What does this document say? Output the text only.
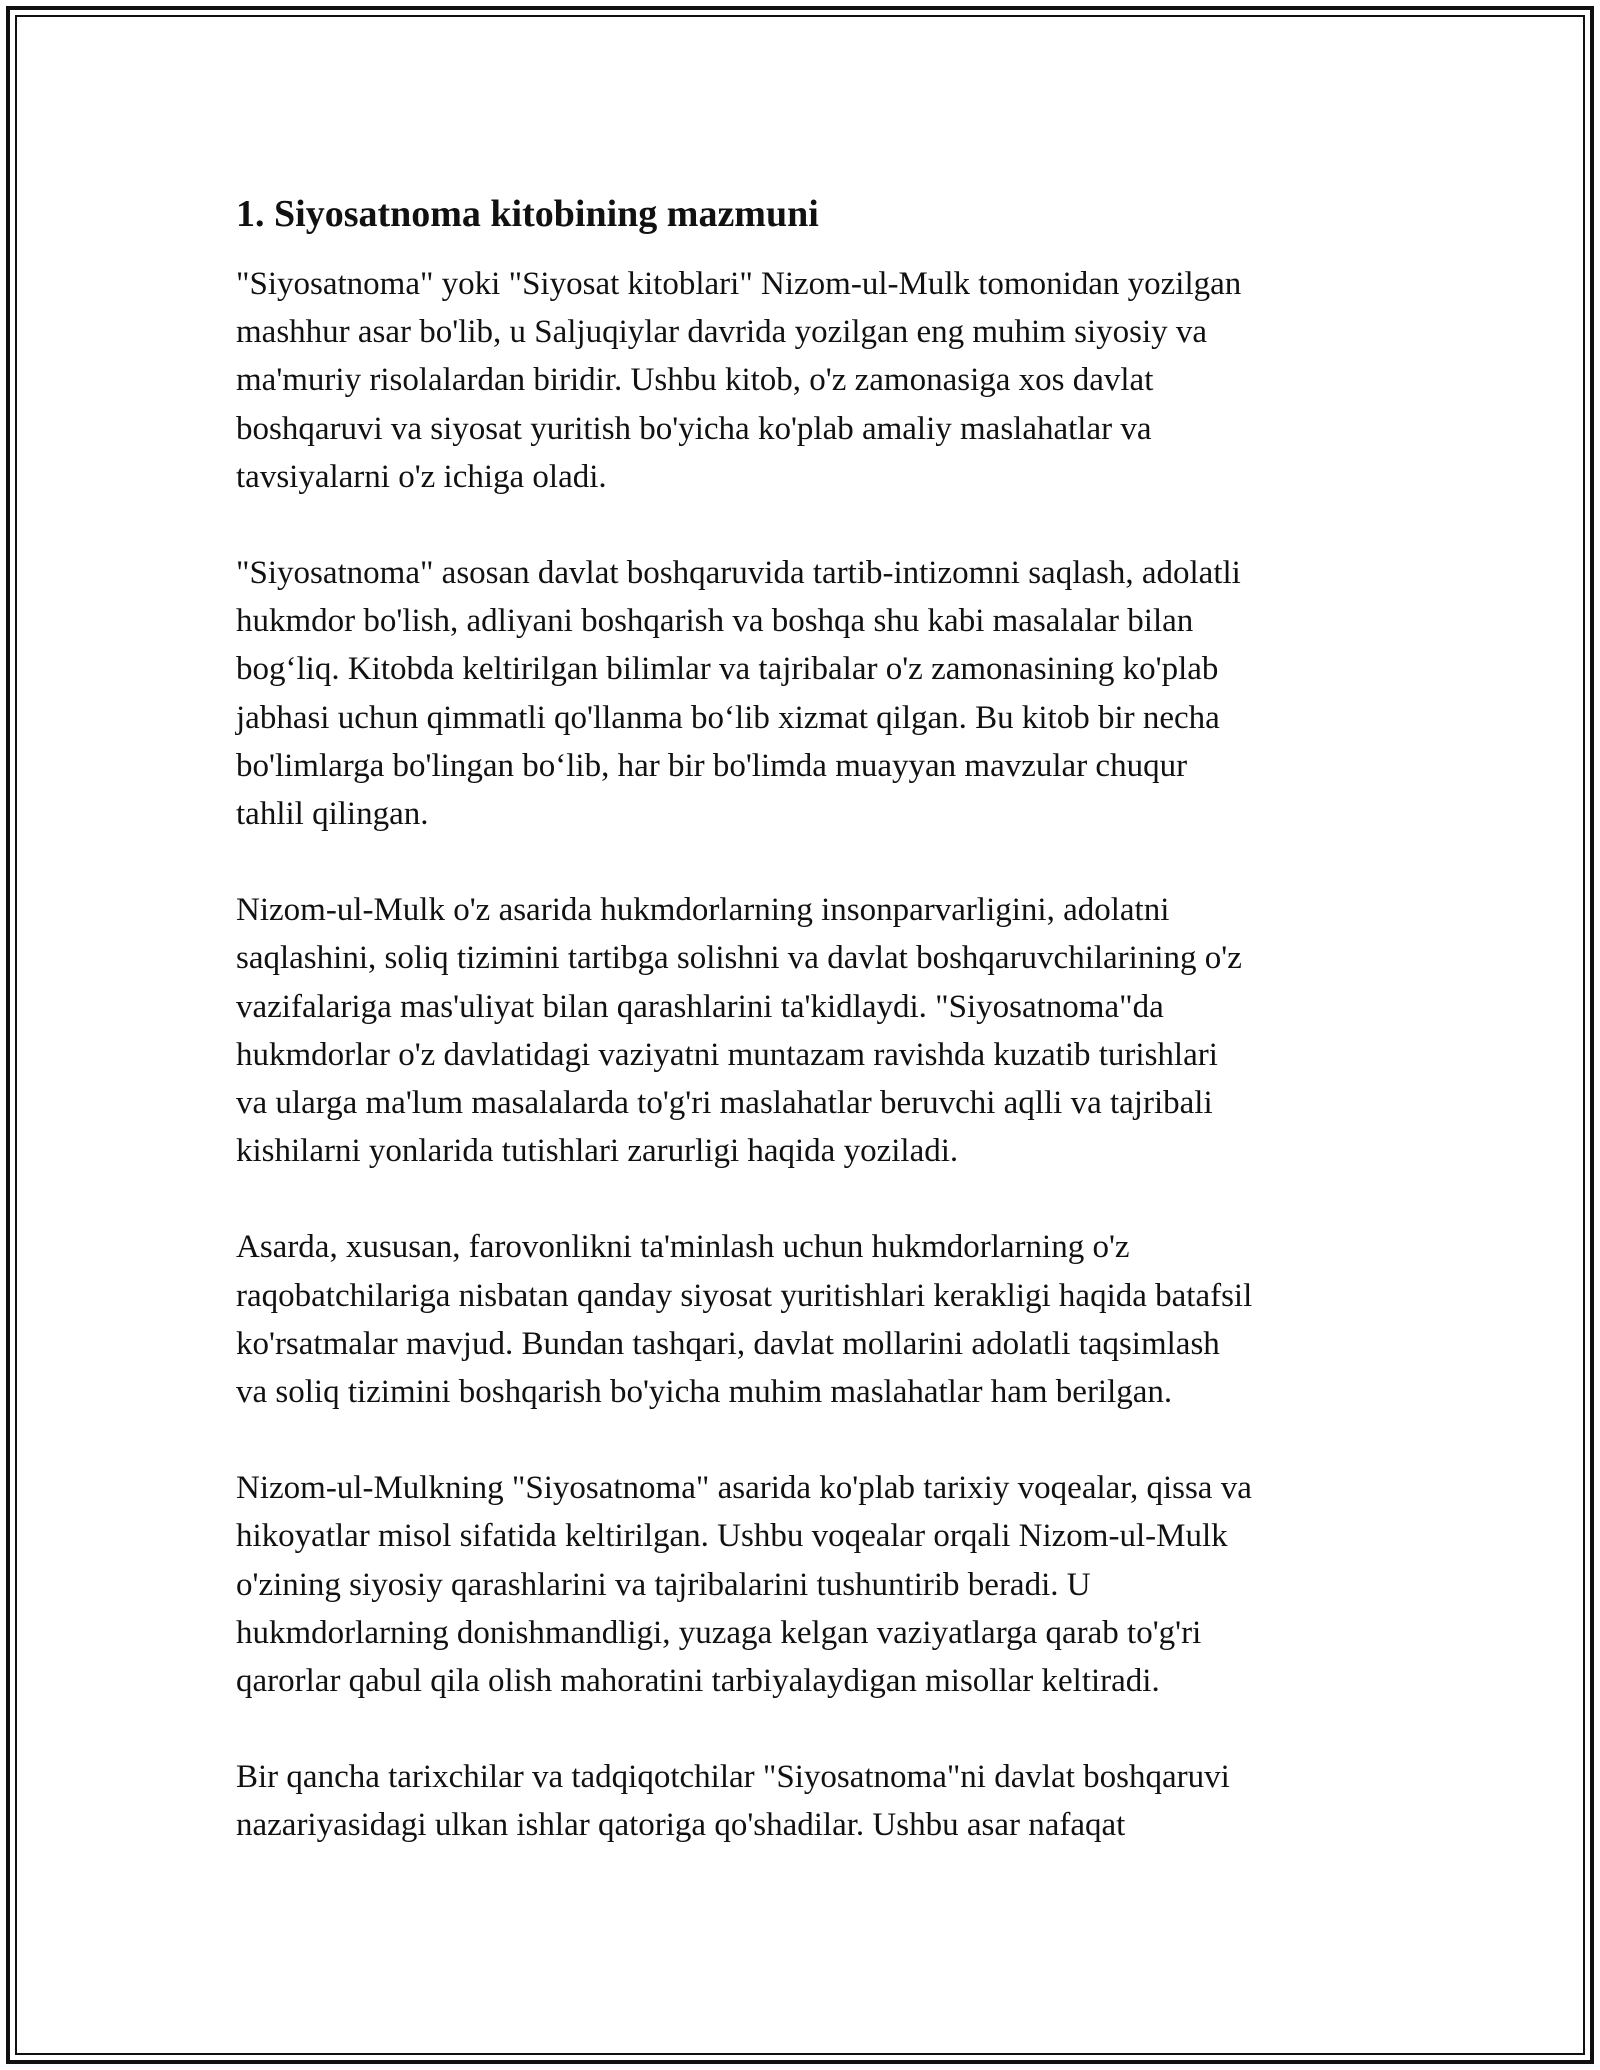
1. Siyosatnoma kitobining mazmuni

"Siyosatnoma" yoki "Siyosat kitoblari" Nizom-ul-Mulk tomonidan yozilgan
mashhur asar bo'lib, u Saljuqiylar davrida yozilgan eng muhim siyosiy va
ma'muriy risolalardan biridir. Ushbu kitob, o'z zamonasiga xos davlat
boshqaruvi va siyosat yuritish bo'yicha ko'plab amaliy maslahatlar va
tavsiyalarni o'z ichiga oladi.

"Siyosatnoma" asosan davlat boshqaruvida tartib-intizomni saqlash, adolatli
hukmdor bo'lish, adliyani boshqarish va boshqa shu kabi masalalar bilan
bog‘liq. Kitobda keltirilgan bilimlar va tajribalar o'z zamonasining ko'plab
jabhasi uchun qimmatli qo'llanma bo‘lib xizmat qilgan. Bu kitob bir necha
bo'limlarga bo'lingan bo‘lib, har bir bo'limda muayyan mavzular chuqur
tahlil qilingan.

Nizom-ul-Mulk o'z asarida hukmdorlarning insonparvarligini, adolatni
saqlashini, soliq tizimini tartibga solishni va davlat boshqaruvchilarining o'z
vazifalariga mas'uliyat bilan qarashlarini ta'kidlaydi. "Siyosatnoma"da
hukmdorlar o'z davlatidagi vaziyatni muntazam ravishda kuzatib turishlari
va ularga ma'lum masalalarda to'g'ri maslahatlar beruvchi aqlli va tajribali
kishilarni yonlarida tutishlari zarurligi haqida yoziladi.

Asarda, xususan, farovonlikni ta'minlash uchun hukmdorlarning o'z
raqobatchilariga nisbatan qanday siyosat yuritishlari kerakligi haqida batafsil
ko'rsatmalar mavjud. Bundan tashqari, davlat mollarini adolatli taqsimlash
va soliq tizimini boshqarish bo'yicha muhim maslahatlar ham berilgan.

Nizom-ul-Mulkning "Siyosatnoma" asarida ko'plab tarixiy voqealar, qissa va
hikoyatlar misol sifatida keltirilgan. Ushbu voqealar orqali Nizom-ul-Mulk
o'zining siyosiy qarashlarini va tajribalarini tushuntirib beradi. U
hukmdorlarning donishmandligi, yuzaga kelgan vaziyatlarga qarab to'g'ri
qarorlar qabul qila olish mahoratini tarbiyalaydigan misollar keltiradi.

Bir qancha tarixchilar va tadqiqotchilar "Siyosatnoma"ni davlat boshqaruvi
nazariyasidagi ulkan ishlar qatoriga qo'shadilar. Ushbu asar nafaqat
